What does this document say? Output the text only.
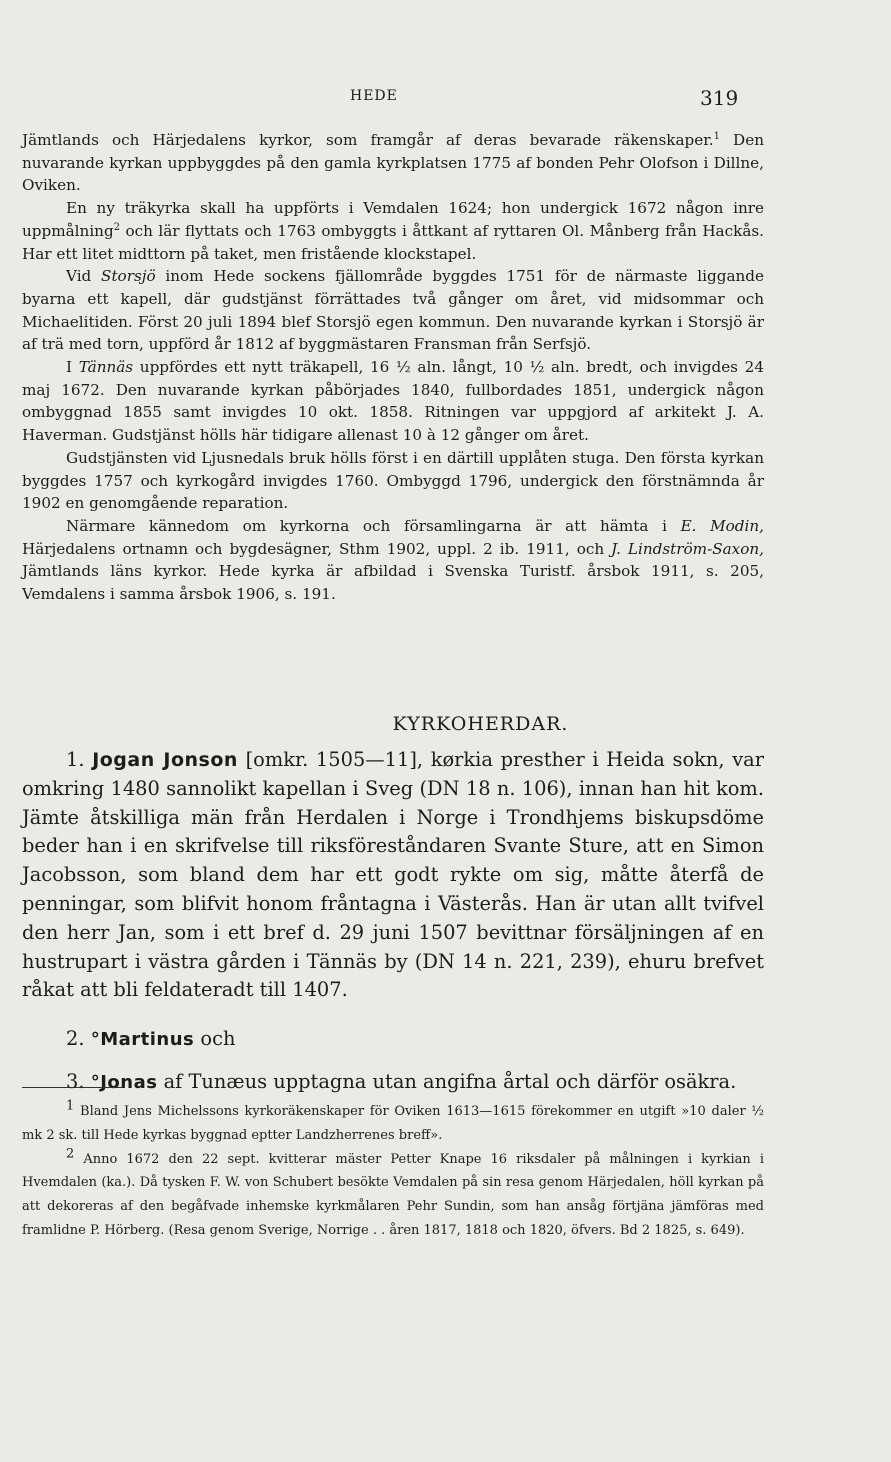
HEDE	319

Jämtlands och Härjedalens kyrkor, som framgår af deras bevarade räkenskaper.$^1$ Den nuvarande kyrkan uppbyggdes på den gamla kyrkplatsen 1775 af bonden Pehr Olofson i Dillne, Oviken.

En ny träkyrka skall ha uppförts i Vemdalen 1624; hon undergick 1672 någon inre uppmålning$^2$ och lär flyttats och 1763 ombyggts i åttkant af ryttaren Ol. Månberg från Hackås. Har ett litet midttorn på taket, men fristående klockstapel.

Vid Storsjö inom Hede sockens fjällområde byggdes 1751 för de närmaste liggande byarna ett kapell, där gudstjänst förrättades två gånger om året, vid midsommar och Michaelitiden. Först 20 juli 1894 blef Storsjö egen kommun. Den nuvarande kyrkan i Storsjö är af trä med torn, uppförd år 1812 af byggmästaren Fransman från Serfsjö.

I Tännäs uppfördes ett nytt träkapell, 16 ½ aln. långt, 10 ½ aln. bredt, och invigdes 24 maj 1672. Den nuvarande kyrkan påbörjades 1840, fullbordades 1851, undergick någon ombyggnad 1855 samt invigdes 10 okt. 1858. Ritningen var uppgjord af arkitekt J. A. Haverman. Gudstjänst hölls här tidigare allenast 10 à 12 gånger om året.

Gudstjänsten vid Ljusnedals bruk hölls först i en därtill upplåten stuga. Den första kyrkan byggdes 1757 och kyrkogård invigdes 1760. Ombyggd 1796, undergick den förstnämnda år 1902 en genomgående reparation.

Närmare kännedom om kyrkorna och församlingarna är att hämta i E. Modin, Härjedalens ortnamn och bygdesägner, Sthm 1902, uppl. 2 ib. 1911, och J. Lindström-Saxon, Jämtlands läns kyrkor. Hede kyrka är afbildad i Svenska Turistf. årsbok 1911, s. 205, Vemdalens i samma årsbok 1906, s. 191.

KYRKOHERDAR.

1. Jogan Jonson [omkr. 1505—11], kørkia presther i Heida sokn, var omkring 1480 sannolikt kapellan i Sveg (DN 18 n. 106), innan han hit kom. Jämte åtskilliga män från Herdalen i Norge i Trondhjems biskupsdöme beder han i en skrifvelse till riksföreståndaren Svante Sture, att en Simon Jacobsson, som bland dem har ett godt rykte om sig, måtte återfå de penningar, som blifvit honom fråntagna i Västerås. Han är utan allt tvifvel den herr Jan, som i ett bref d. 29 juni 1507 bevittnar försäljningen af en hustrupart i västra gården i Tännäs by (DN 14 n. 221, 239), ehuru brefvet råkat att bli feldateradt till 1407.

2. °Martinus och

3. °Jonas af Tunæus upptagna utan angifna årtal och därför osäkra.

$^1$ Bland Jens Michelssons kyrkoräkenskaper för Oviken 1613—1615 förekommer en utgift »10 daler ½ mk 2 sk. till Hede kyrkas byggnad eptter Landzherrenes breff».

$^2$ Anno 1672 den 22 sept. kvitterar mäster Petter Knape 16 riksdaler på målningen i kyrkian i Hvemdalen (ka.). Då tysken F. W. von Schubert besökte Vemdalen på sin resa genom Härjedalen, höll kyrkan på att dekoreras af den begåfvade inhemske kyrkmålaren Pehr Sundin, som han ansåg förtjäna jämföras med framlidne P. Hörberg. (Resa genom Sverige, Norrige . . åren 1817, 1818 och 1820, öfvers. Bd 2 1825, s. 649).
